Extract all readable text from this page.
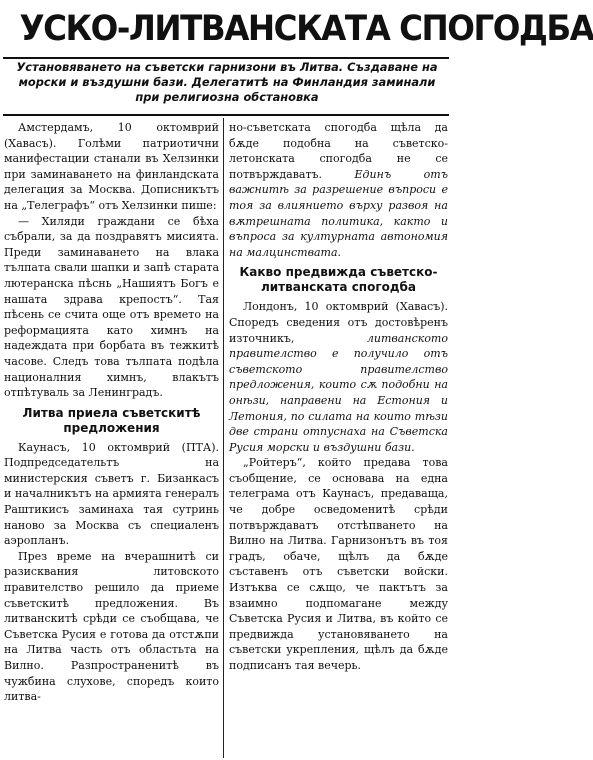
УСКО-ЛИТВАНСКАТА СПОГОДБА
Установяването на съветски гарнизони въ Литва. Създаване на морски и въздушни бази. Делегатитѣ на Финландия заминали при религиозна обстановка

Амстердамъ, 10 октомврий (Хавасъ). Голѣми патриотични манифестации станали въ Хелзинки при заминаването на финландската делегация за Москва. Дописникътъ на „Телеграфъ“ отъ Хелзинки пише:

— Хиляди граждани се бѣха събрали, за да поздравятъ мисията. Преди заминаването на влака тълпата свали шапки и запѣ старата лютеранска пѣснь „Нашиятъ Богъ е нашата здрава крепостъ“. Тая пѣсень се счита още отъ времето на реформацията като химнъ на надеждата при борбата въ тежкитѣ часове. Следъ това тълпата подѣла националния химнъ, влакътъ отпѣтуваль за Ленинградъ.

Литва приела съветскитѣ предложения

Каунасъ, 10 октомврий (ПТА). Подпредседательтъ на министерския съветъ г. Бизанкасъ и началникътъ на армията генералъ Раштикисъ заминаха тая сутринь наново за Москва съ специаленъ аэропланъ.

През време на вчерашнитѣ си разисквания литовското правителство решило да приеме съветскитѣ предложения. Въ литванскитѣ срѣди се съобщава, че Съветска Русия е готова да отстѫпи на Литва часть отъ областьта на Вилно. Разпространенитѣ въ чужбина слухове, споредъ които литва-

но-съветската спогодба щѣла да бѫде подобна на съветско-летонската спогодба не се потвърждаватъ.	Единъ отъ важнитѣ за разрешение въпроси е тоя за влиянието върху развоя на вѫтрешната политика, както и въпроса за културната автономия на малцинствата.

Какво предвижда съветско-литванската спогодба

Лондонъ, 10 октомврий (Хавасъ). Споредъ сведения отъ достовѣренъ източникъ,	литванското правителство е получило отъ съветското правителство предложения, които сѫ подобни на онѣзи, направени на Естония и Летония, по силата на които тѣзи две страни отпуснаха на Съветска Русия морски и въздушни бази.

„Ройтеръ“, който предава това съобщение, се основава на една телеграма отъ Каунасъ, предаваща, че добре осведоменитѣ срѣди потвърждаватъ отстѣпването на Вилно на Литва. Гарнизонътъ въ тоя градъ, обаче, щѣлъ да бѫде съставенъ отъ съветски войски. Изтъква се сѫщо, че пактътъ за взаимно подпомагане между Съветска Русия и Литва, въ който се предвижда установяването на съветски укрепления, щѣлъ да бѫде подписанъ тая вечерь.
